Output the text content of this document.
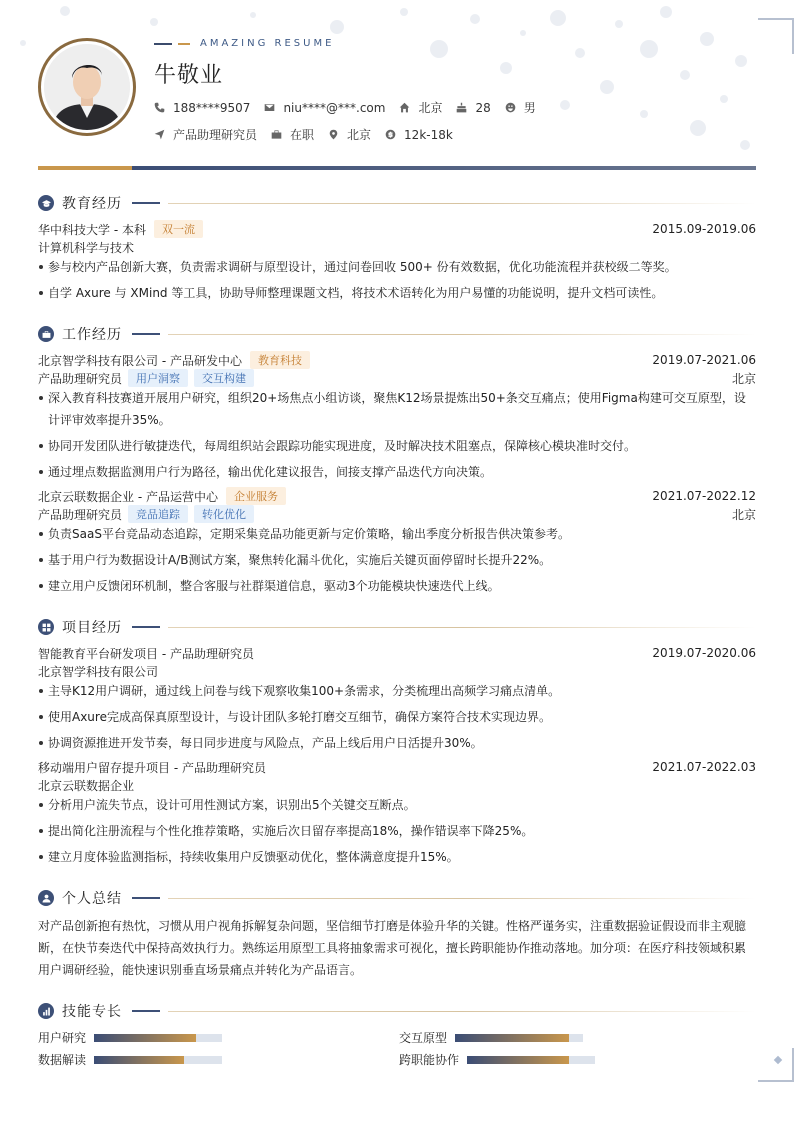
AMAZING RESUME
牛敬业
188****9507	niu****@***.com	北京	28	男
产品助理研究员	在职	北京	12k-18k
教育经历
华中科技大学 - 本科	双一流	2015.09-2019.06
计算机科学与技术
参与校内产品创新大赛，负责需求调研与原型设计，通过问卷回收 500+ 份有效数据，优化功能流程并获校级二等奖。
自学 Axure 与 XMind 等工具，协助导师整理课题文档，将技术术语转化为用户易懂的功能说明，提升文档可读性。
工作经历
北京智学科技有限公司 - 产品研发中心	教育科技	2019.07-2021.06
产品助理研究员	用户洞察	交互构建	北京
深入教育科技赛道开展用户研究，组织20+场焦点小组访谈，聚焦K12场景提炼出50+条交互痛点；使用Figma构建可交互原型，设计评审效率提升35%。
协同开发团队进行敏捷迭代，每周组织站会跟踪功能实现进度，及时解决技术阻塞点，保障核心模块准时交付。
通过埋点数据监测用户行为路径，输出优化建议报告，间接支撑产品迭代方向决策。
北京云联数据企业 - 产品运营中心	企业服务	2021.07-2022.12
产品助理研究员	竞品追踪	转化优化	北京
负责SaaS平台竞品动态追踪，定期采集竞品功能更新与定价策略，输出季度分析报告供决策参考。
基于用户行为数据设计A/B测试方案，聚焦转化漏斗优化，实施后关键页面停留时长提升22%。
建立用户反馈闭环机制，整合客服与社群渠道信息，驱动3个功能模块快速迭代上线。
项目经历
智能教育平台研发项目 - 产品助理研究员	2019.07-2020.06
北京智学科技有限公司
主导K12用户调研，通过线上问卷与线下观察收集100+条需求，分类梳理出高频学习痛点清单。
使用Axure完成高保真原型设计，与设计团队多轮打磨交互细节，确保方案符合技术实现边界。
协调资源推进开发节奏，每日同步进度与风险点，产品上线后用户日活提升30%。
移动端用户留存提升项目 - 产品助理研究员	2021.07-2022.03
北京云联数据企业
分析用户流失节点，设计可用性测试方案，识别出5个关键交互断点。
提出简化注册流程与个性化推荐策略，实施后次日留存率提高18%，操作错误率下降25%。
建立月度体验监测指标，持续收集用户反馈驱动优化，整体满意度提升15%。
个人总结
对产品创新抱有热忱，习惯从用户视角拆解复杂问题，坚信细节打磨是体验升华的关键。性格严谨务实，注重数据验证假设而非主观臆断，在快节奏迭代中保持高效执行力。熟练运用原型工具将抽象需求可视化，擅长跨职能协作推动落地。加分项：在医疗科技领域积累用户调研经验，能快速识别垂直场景痛点并转化为产品语言。
技能专长
用户研究	交互原型
数据解读	跨职能协作
